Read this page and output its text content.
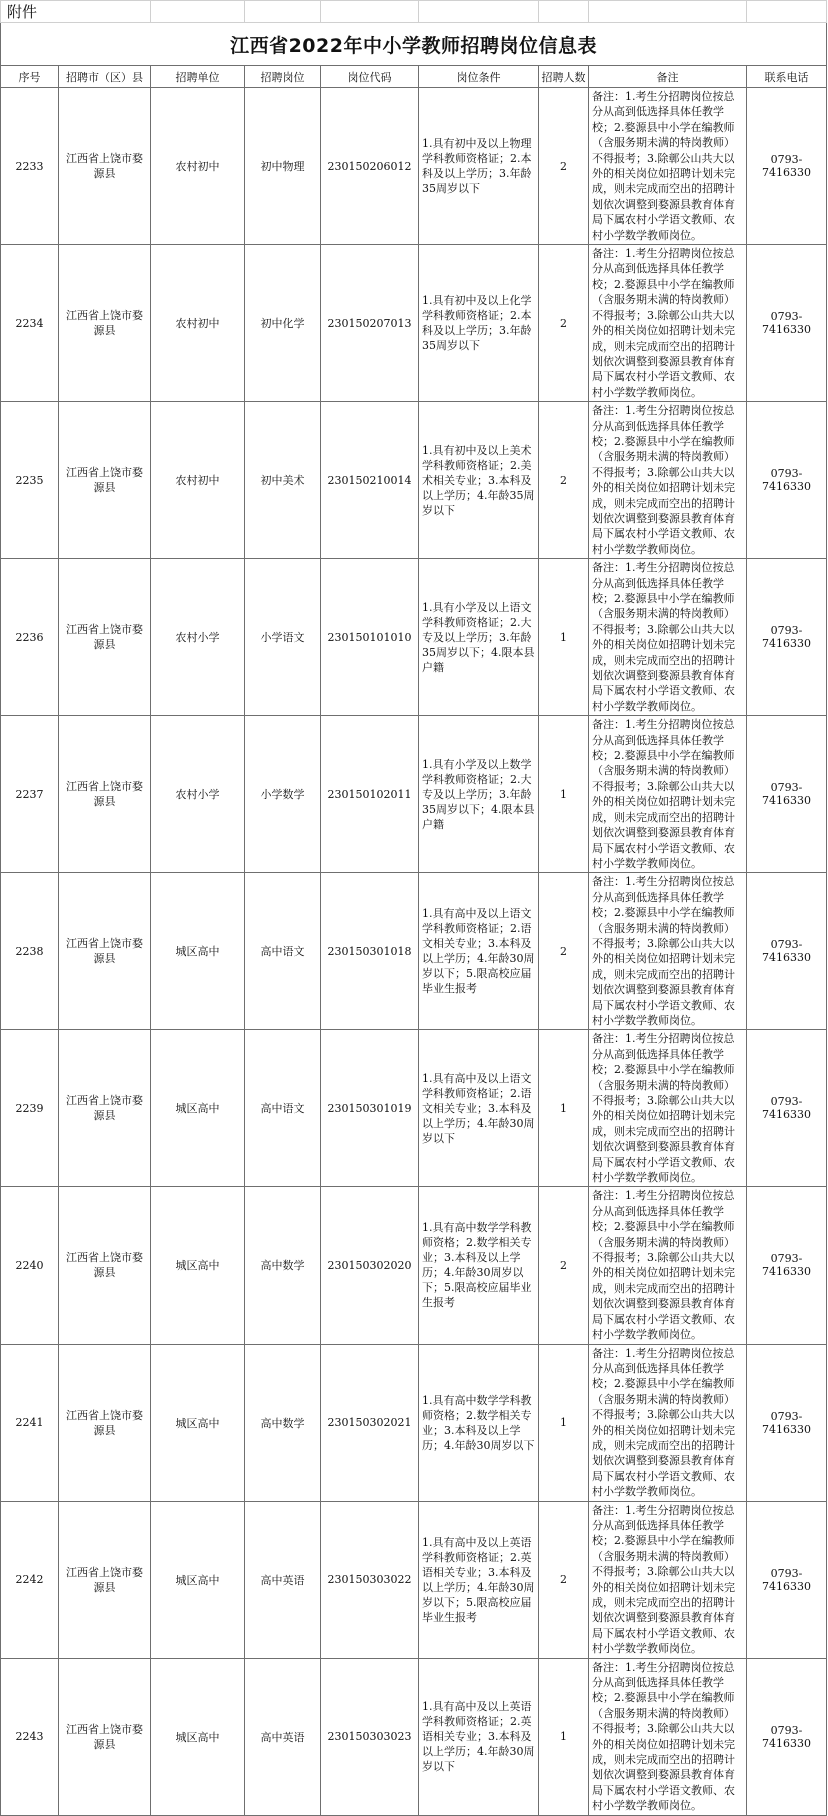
附件								
江西省2022年中小学教师招聘岗位信息表								
序号	招聘市（区）县	招聘单位	招聘岗位	岗位代码	岗位条件	招聘人数	备注	联系电话
2233	江西省上饶市婺源县	农村初中	初中物理	230150206012	1.具有初中及以上物理学科教师资格证；2.本科及以上学历；3.年龄35周岁以下	2	备注：1.考生分招聘岗位按总分从高到低选择具体任教学校；2.婺源县中小学在编教师（含服务期未满的特岗教师）不得报考；3.除鄣公山共大以外的相关岗位如招聘计划未完成，则未完成而空出的招聘计划依次调整到婺源县教育体育局下属农村小学语文教师、农村小学数学教师岗位。	0793-7416330
2234	江西省上饶市婺源县	农村初中	初中化学	230150207013	1.具有初中及以上化学学科教师资格证；2.本科及以上学历；3.年龄35周岁以下	2	备注：1.考生分招聘岗位按总分从高到低选择具体任教学校；2.婺源县中小学在编教师（含服务期未满的特岗教师）不得报考；3.除鄣公山共大以外的相关岗位如招聘计划未完成，则未完成而空出的招聘计划依次调整到婺源县教育体育局下属农村小学语文教师、农村小学数学教师岗位。	0793-7416330
2235	江西省上饶市婺源县	农村初中	初中美术	230150210014	1.具有初中及以上美术学科教师资格证；2.美术相关专业；3.本科及以上学历；4.年龄35周岁以下	2	备注：1.考生分招聘岗位按总分从高到低选择具体任教学校；2.婺源县中小学在编教师（含服务期未满的特岗教师）不得报考；3.除鄣公山共大以外的相关岗位如招聘计划未完成，则未完成而空出的招聘计划依次调整到婺源县教育体育局下属农村小学语文教师、农村小学数学教师岗位。	0793-7416330
2236	江西省上饶市婺源县	农村小学	小学语文	230150101010	1.具有小学及以上语文学科教师资格证；2.大专及以上学历；3.年龄35周岁以下；4.限本县户籍	1	备注：1.考生分招聘岗位按总分从高到低选择具体任教学校；2.婺源县中小学在编教师（含服务期未满的特岗教师）不得报考；3.除鄣公山共大以外的相关岗位如招聘计划未完成，则未完成而空出的招聘计划依次调整到婺源县教育体育局下属农村小学语文教师、农村小学数学教师岗位。	0793-7416330
2237	江西省上饶市婺源县	农村小学	小学数学	230150102011	1.具有小学及以上数学学科教师资格证；2.大专及以上学历；3.年龄35周岁以下；4.限本县户籍	1	备注：1.考生分招聘岗位按总分从高到低选择具体任教学校；2.婺源县中小学在编教师（含服务期未满的特岗教师）不得报考；3.除鄣公山共大以外的相关岗位如招聘计划未完成，则未完成而空出的招聘计划依次调整到婺源县教育体育局下属农村小学语文教师、农村小学数学教师岗位。	0793-7416330
2238	江西省上饶市婺源县	城区高中	高中语文	230150301018	1.具有高中及以上语文学科教师资格证；2.语文相关专业；3.本科及以上学历；4.年龄30周岁以下；5.限高校应届毕业生报考	2	备注：1.考生分招聘岗位按总分从高到低选择具体任教学校；2.婺源县中小学在编教师（含服务期未满的特岗教师）不得报考；3.除鄣公山共大以外的相关岗位如招聘计划未完成，则未完成而空出的招聘计划依次调整到婺源县教育体育局下属农村小学语文教师、农村小学数学教师岗位。	0793-7416330
2239	江西省上饶市婺源县	城区高中	高中语文	230150301019	1.具有高中及以上语文学科教师资格证；2.语文相关专业；3.本科及以上学历；4.年龄30周岁以下	1	备注：1.考生分招聘岗位按总分从高到低选择具体任教学校；2.婺源县中小学在编教师（含服务期未满的特岗教师）不得报考；3.除鄣公山共大以外的相关岗位如招聘计划未完成，则未完成而空出的招聘计划依次调整到婺源县教育体育局下属农村小学语文教师、农村小学数学教师岗位。	0793-7416330
2240	江西省上饶市婺源县	城区高中	高中数学	230150302020	1.具有高中数学学科教师资格；2.数学相关专业；3.本科及以上学历；4.年龄30周岁以下；5.限高校应届毕业生报考	2	备注：1.考生分招聘岗位按总分从高到低选择具体任教学校；2.婺源县中小学在编教师（含服务期未满的特岗教师）不得报考；3.除鄣公山共大以外的相关岗位如招聘计划未完成，则未完成而空出的招聘计划依次调整到婺源县教育体育局下属农村小学语文教师、农村小学数学教师岗位。	0793-7416330
2241	江西省上饶市婺源县	城区高中	高中数学	230150302021	1.具有高中数学学科教师资格；2.数学相关专业；3.本科及以上学历；4.年龄30周岁以下	1	备注：1.考生分招聘岗位按总分从高到低选择具体任教学校；2.婺源县中小学在编教师（含服务期未满的特岗教师）不得报考；3.除鄣公山共大以外的相关岗位如招聘计划未完成，则未完成而空出的招聘计划依次调整到婺源县教育体育局下属农村小学语文教师、农村小学数学教师岗位。	0793-7416330
2242	江西省上饶市婺源县	城区高中	高中英语	230150303022	1.具有高中及以上英语学科教师资格证；2.英语相关专业；3.本科及以上学历；4.年龄30周岁以下；5.限高校应届毕业生报考	2	备注：1.考生分招聘岗位按总分从高到低选择具体任教学校；2.婺源县中小学在编教师（含服务期未满的特岗教师）不得报考；3.除鄣公山共大以外的相关岗位如招聘计划未完成，则未完成而空出的招聘计划依次调整到婺源县教育体育局下属农村小学语文教师、农村小学数学教师岗位。	0793-7416330
2243	江西省上饶市婺源县	城区高中	高中英语	230150303023	1.具有高中及以上英语学科教师资格证；2.英语相关专业；3.本科及以上学历；4.年龄30周岁以下	1	备注：1.考生分招聘岗位按总分从高到低选择具体任教学校；2.婺源县中小学在编教师（含服务期未满的特岗教师）不得报考；3.除鄣公山共大以外的相关岗位如招聘计划未完成，则未完成而空出的招聘计划依次调整到婺源县教育体育局下属农村小学语文教师、农村小学数学教师岗位。	0793-7416330
